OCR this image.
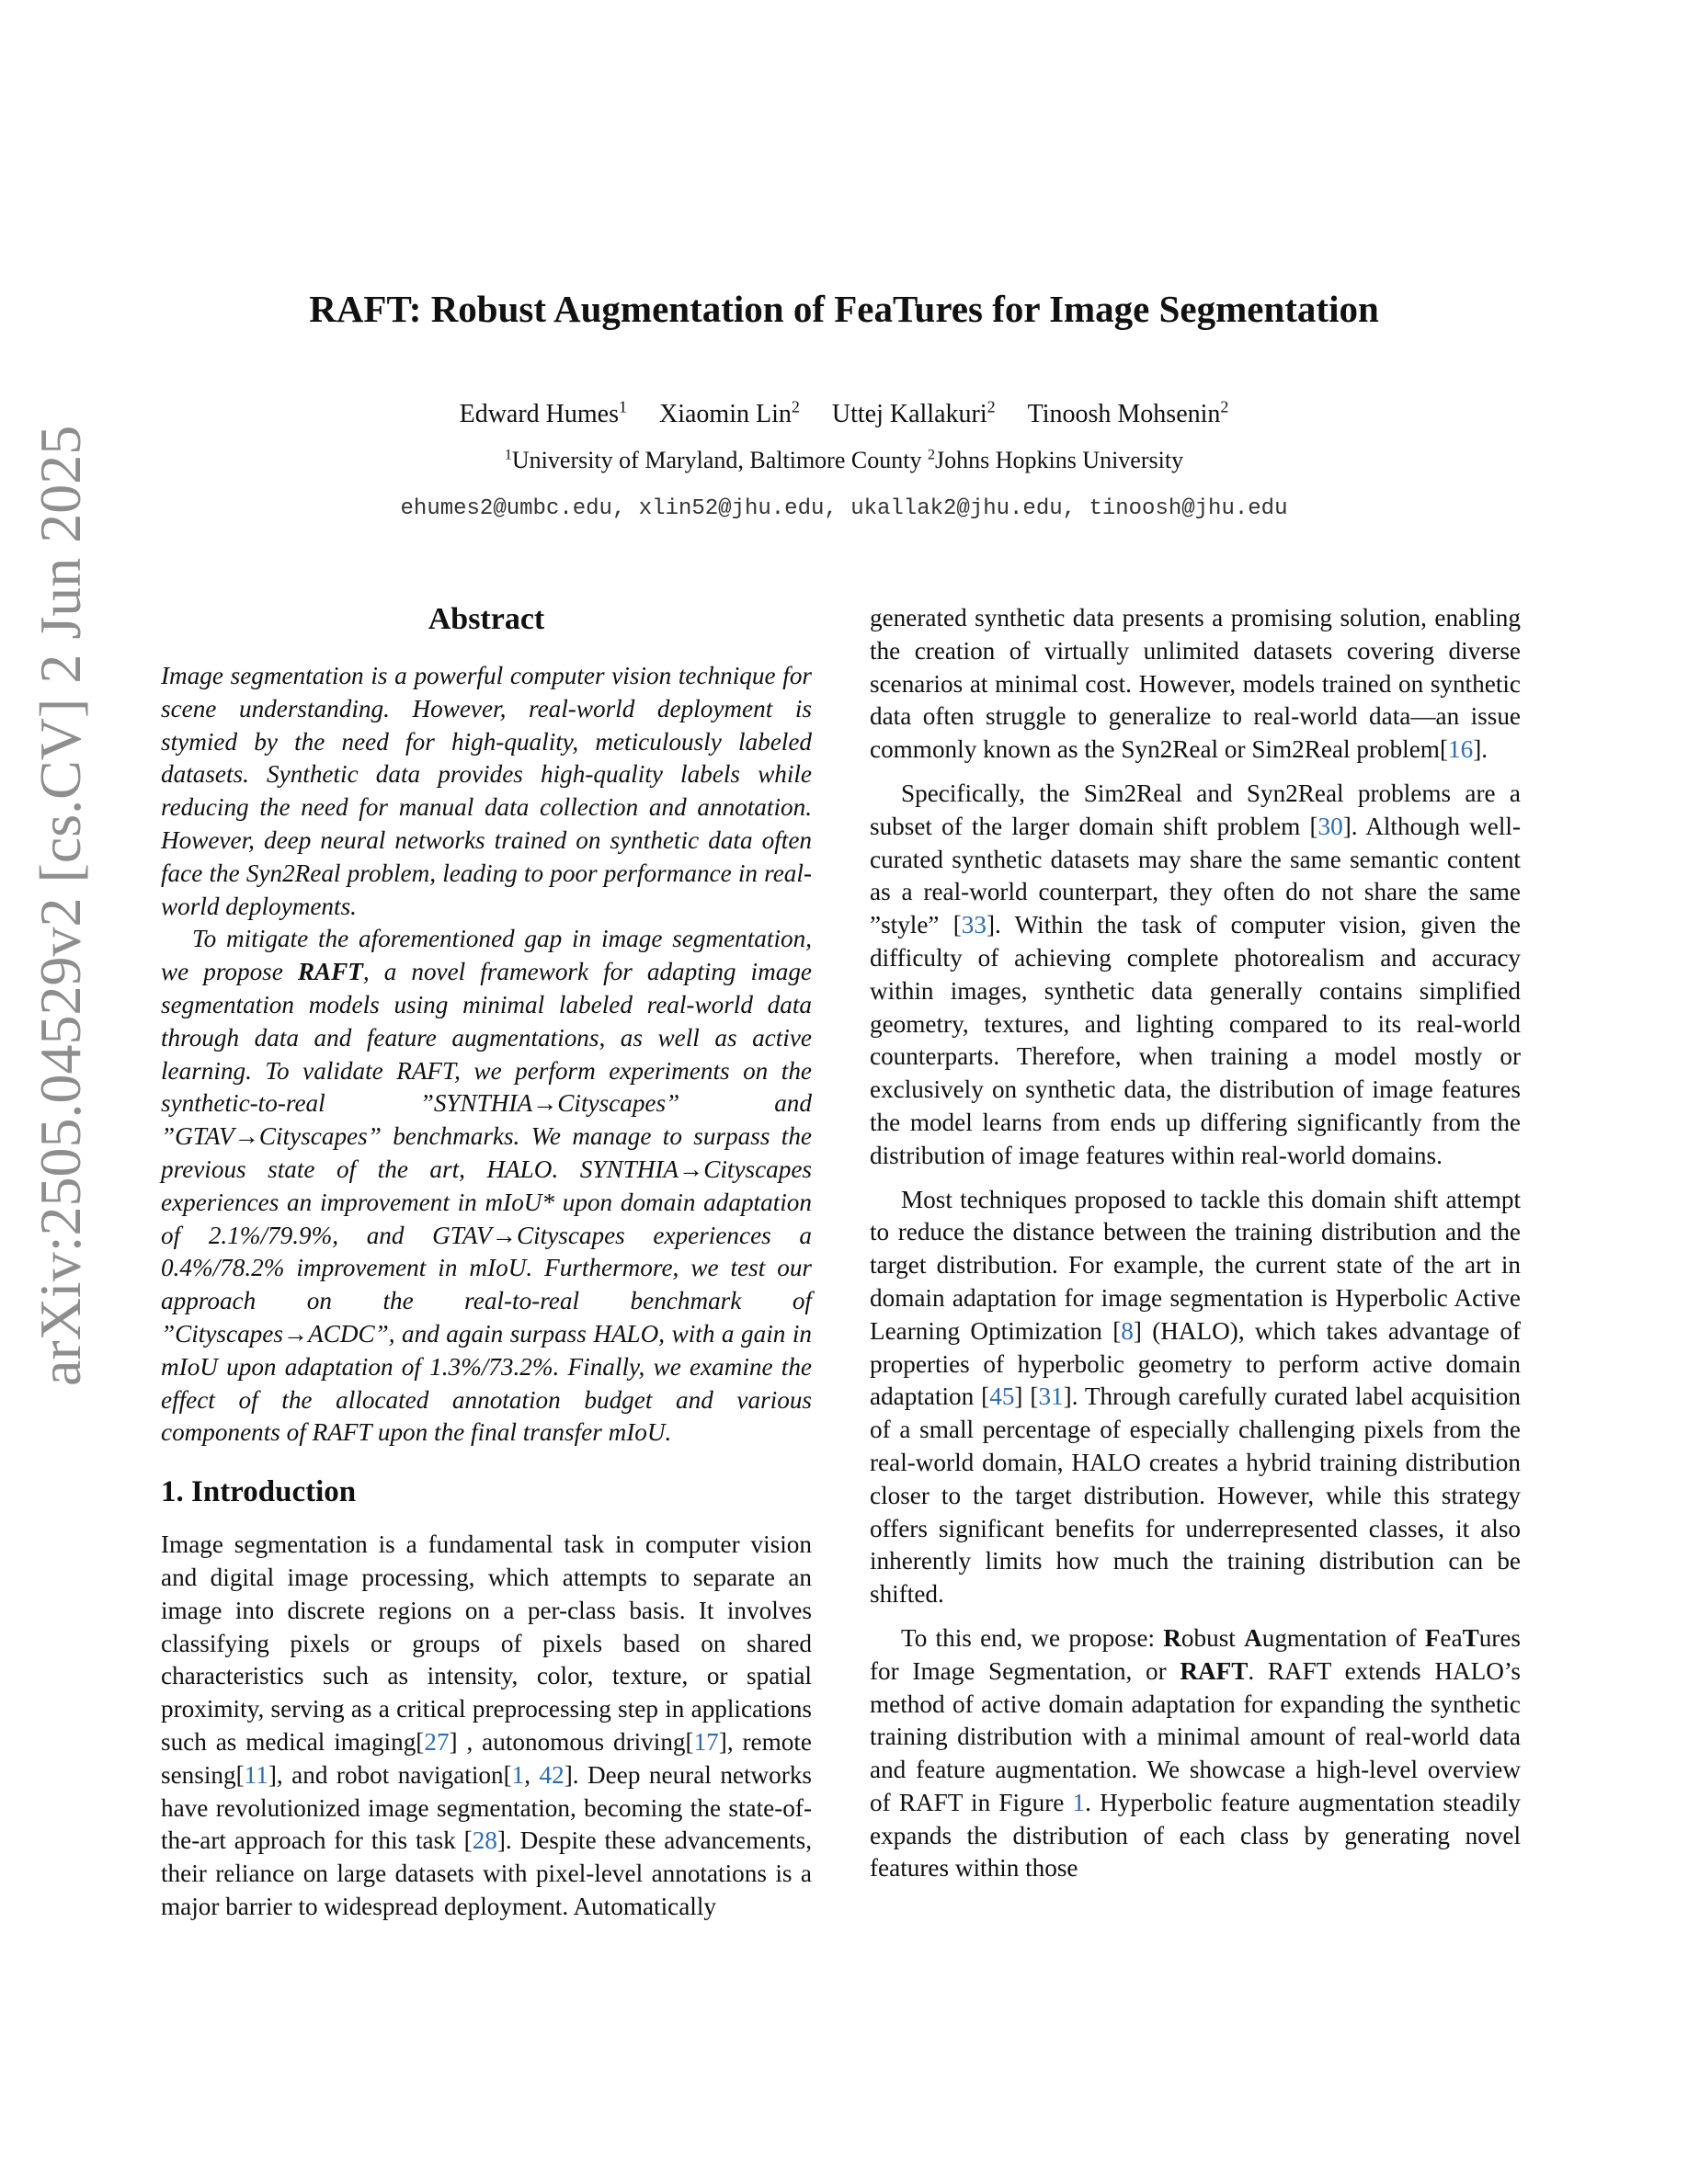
arXiv:2505.04529v2 [cs.CV] 2 Jun 2025
RAFT: Robust Augmentation of FeaTures for Image Segmentation
Edward Humes$^1$ Xiaomin Lin$^2$ Uttej Kallakuri$^2$ Tinoosh Mohsenin$^2$
$^1$University of Maryland, Baltimore County $^2$Johns Hopkins University
ehumes2@umbc.edu, xlin52@jhu.edu, ukallak2@jhu.edu, tinoosh@jhu.edu
Abstract

Image segmentation is a powerful computer vision technique for scene understanding. However, real-world deployment is stymied by the need for high-quality, meticulously labeled datasets. Synthetic data provides high-quality labels while reducing the need for manual data collection and annotation. However, deep neural networks trained on synthetic data often face the Syn2Real problem, leading to poor performance in real-world deployments.

To mitigate the aforementioned gap in image segmentation, we propose RAFT, a novel framework for adapting image segmentation models using minimal labeled real-world data through data and feature augmentations, as well as active learning. To validate RAFT, we perform experiments on the synthetic-to-real ”SYNTHIA→Cityscapes” and ”GTAV→Cityscapes” benchmarks. We manage to surpass the previous state of the art, HALO. SYNTHIA→Cityscapes experiences an improvement in mIoU* upon domain adaptation of 2.1%/79.9%, and GTAV→Cityscapes experiences a 0.4%/78.2% improvement in mIoU. Furthermore, we test our approach on the real-to-real benchmark of ”Cityscapes→ACDC”, and again surpass HALO, with a gain in mIoU upon adaptation of 1.3%/73.2%. Finally, we examine the effect of the allocated annotation budget and various components of RAFT upon the final transfer mIoU.

1. Introduction

Image segmentation is a fundamental task in computer vision and digital image processing, which attempts to separate an image into discrete regions on a per-class basis. It involves classifying pixels or groups of pixels based on shared characteristics such as intensity, color, texture, or spatial proximity, serving as a critical preprocessing step in applications such as medical imaging[27] , autonomous driving[17], remote sensing[11], and robot navigation[1, 42]. Deep neural networks have revolutionized image segmentation, becoming the state-of-the-art approach for this task [28]. Despite these advancements, their reliance on large datasets with pixel-level annotations is a major barrier to widespread deployment. Automatically

generated synthetic data presents a promising solution, enabling the creation of virtually unlimited datasets covering diverse scenarios at minimal cost. However, models trained on synthetic data often struggle to generalize to real-world data—an issue commonly known as the Syn2Real or Sim2Real problem[16].

Specifically, the Sim2Real and Syn2Real problems are a subset of the larger domain shift problem [30]. Although well-curated synthetic datasets may share the same semantic content as a real-world counterpart, they often do not share the same ”style” [33]. Within the task of computer vision, given the difficulty of achieving complete photorealism and accuracy within images, synthetic data generally contains simplified geometry, textures, and lighting compared to its real-world counterparts. Therefore, when training a model mostly or exclusively on synthetic data, the distribution of image features the model learns from ends up differing significantly from the distribution of image features within real-world domains.

Most techniques proposed to tackle this domain shift attempt to reduce the distance between the training distribution and the target distribution. For example, the current state of the art in domain adaptation for image segmentation is Hyperbolic Active Learning Optimization [8] (HALO), which takes advantage of properties of hyperbolic geometry to perform active domain adaptation [45] [31]. Through carefully curated label acquisition of a small percentage of especially challenging pixels from the real-world domain, HALO creates a hybrid training distribution closer to the target distribution. However, while this strategy offers significant benefits for underrepresented classes, it also inherently limits how much the training distribution can be shifted.

To this end, we propose: Robust Augmentation of FeaTures for Image Segmentation, or RAFT. RAFT extends HALO’s method of active domain adaptation for expanding the synthetic training distribution with a minimal amount of real-world data and feature augmentation. We showcase a high-level overview of RAFT in Figure 1. Hyperbolic feature augmentation steadily expands the distribution of each class by generating novel features within those
